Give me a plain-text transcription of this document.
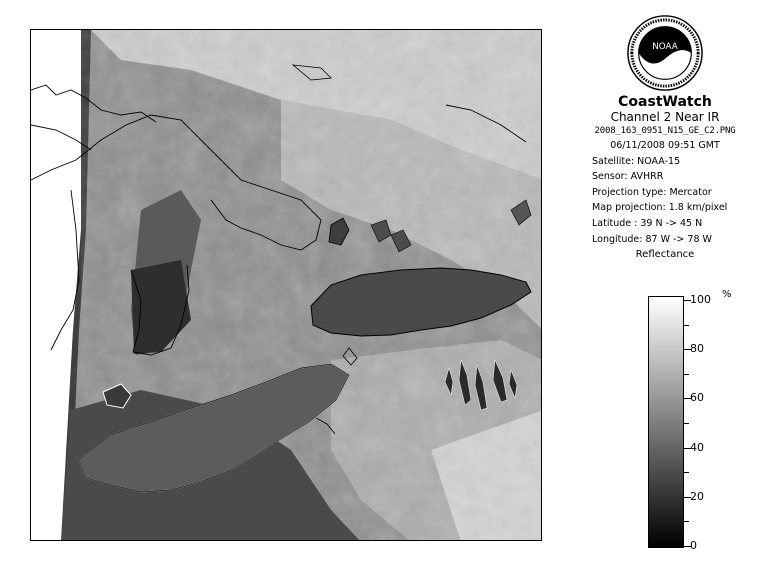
NOAA
CoastWatch
Channel 2 Near IR
2008_163_0951_N15_GE_C2.PNG
06/11/2008 09:51 GMT
Satellite: NOAA-15
Sensor: AVHRR
Projection type: Mercator
Map projection: 1.8 km/pixel
Latitude : 39 N -> 45 N
Longitude: 87 W -> 78 W
Reflectance
%
100
80
60
40
20
0
